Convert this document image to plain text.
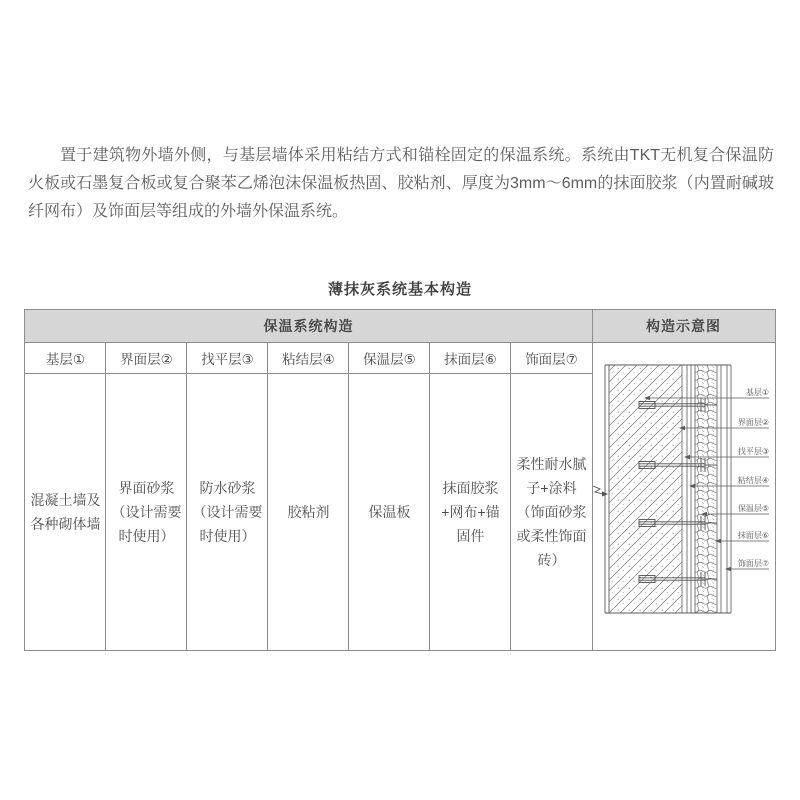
置于建筑物外墙外侧，与基层墙体采用粘结方式和锚栓固定的保温系统。系统由TKT无机复合保温防火板或石墨复合板或复合聚苯乙烯泡沫保温板热固、胶粘剂、厚度为3mm～6mm的抹面胶浆（内置耐碱玻纤网布）及饰面层等组成的外墙外保温系统。

薄抹灰系统基本构造
保温系统构造							构造示意图
基层①	界面层②	找平层③	粘结层④	保温层⑤	抹面层⑥	饰面层⑦	
基层①
界面层②
找平层③
粘结层④
保温层⑤
抹面层⑥
饰面层⑦

混凝土墙及各种砌体墙	界面砂浆（设计需要时使用）	防水砂浆（设计需要时使用）	胶粘剂	保温板	抹面胶浆+网布+锚固件	柔性耐水腻子+涂料（饰面砂浆或柔性饰面砖）	
